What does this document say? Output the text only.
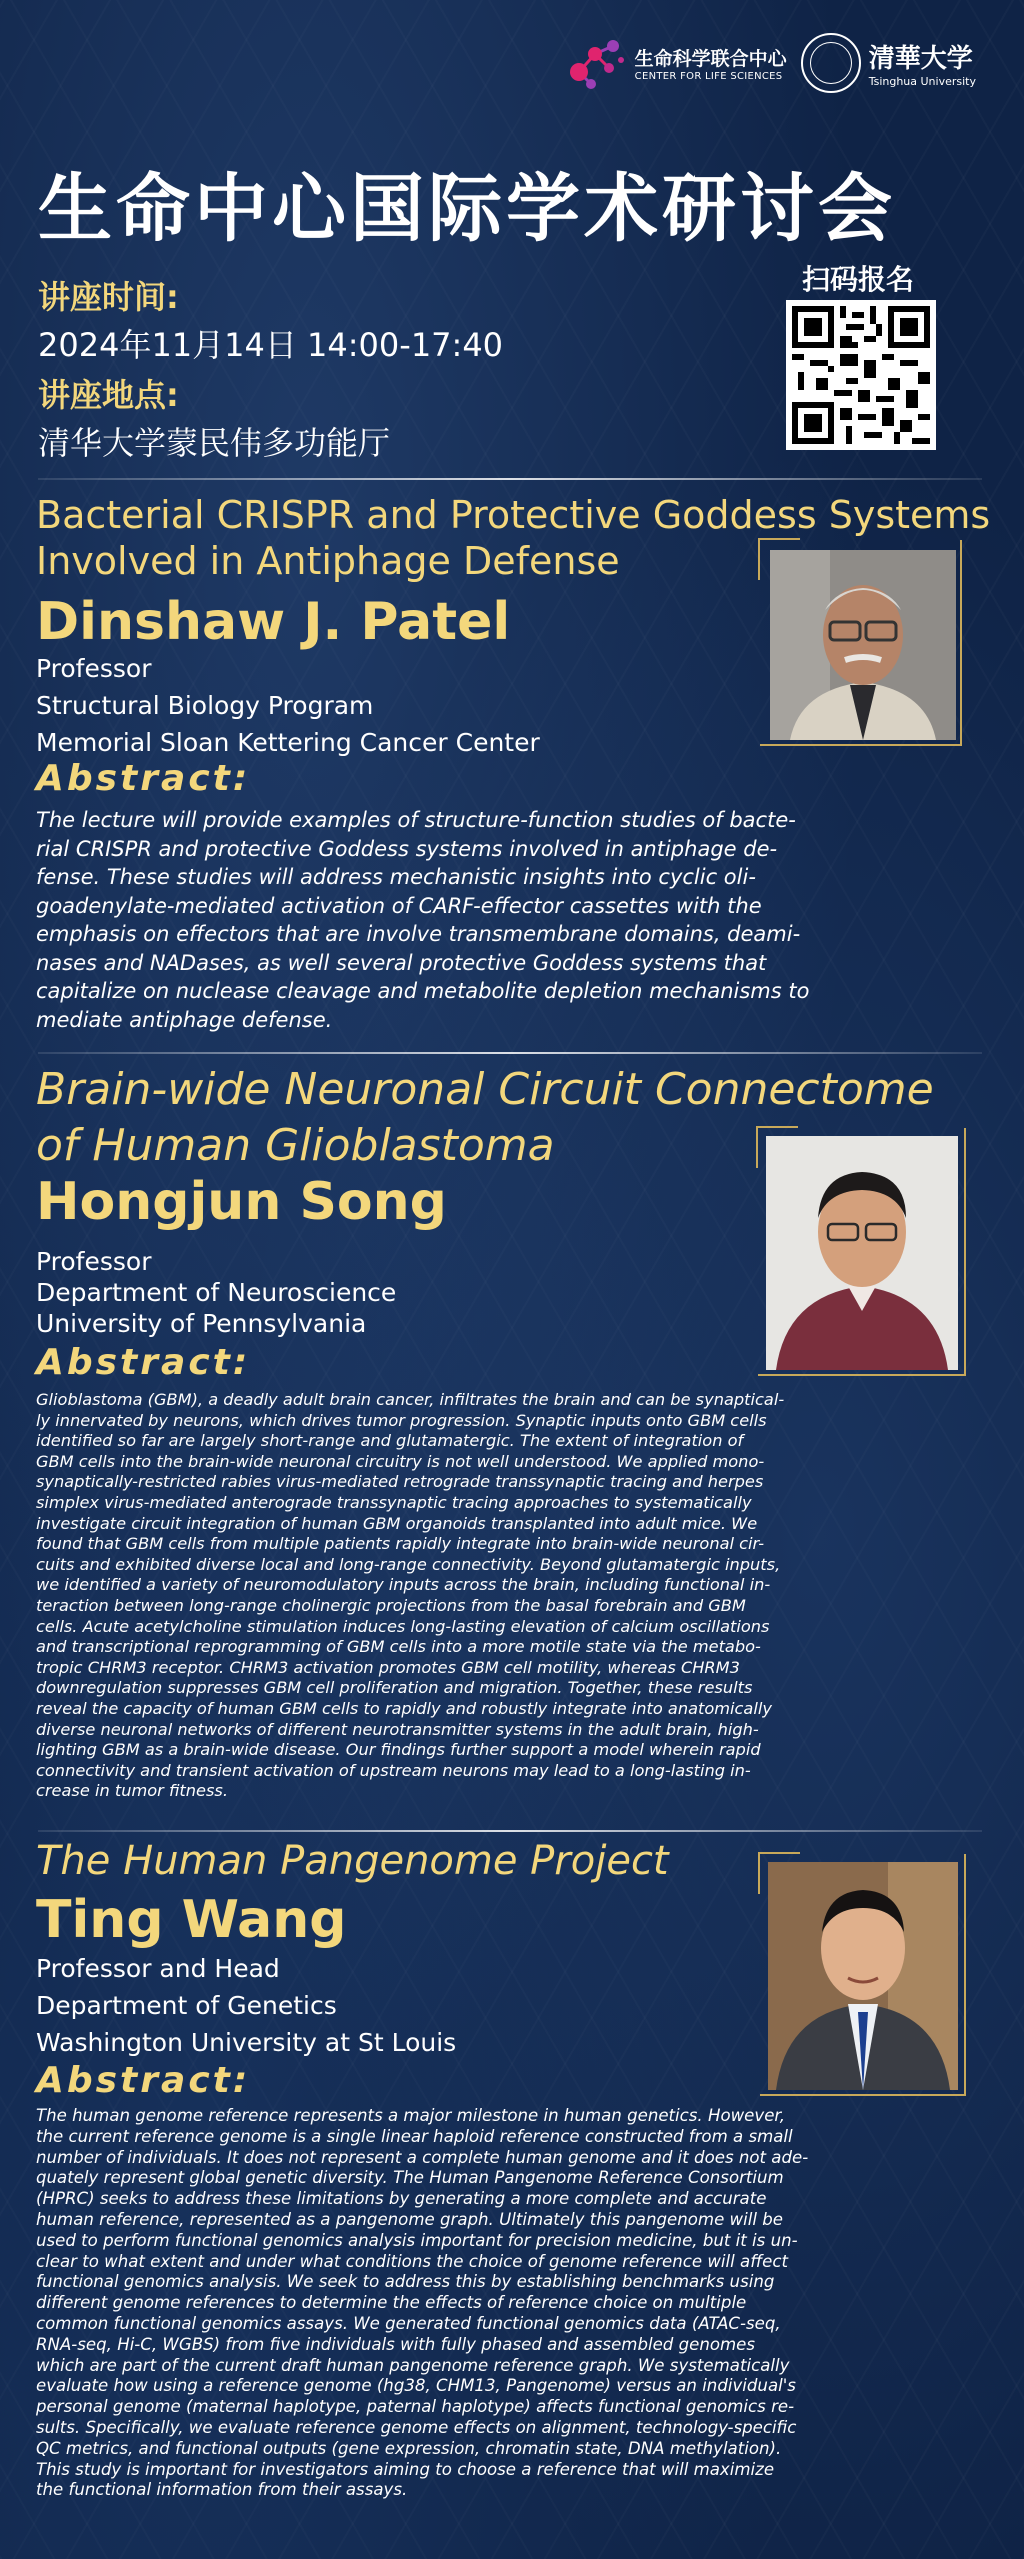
生命科学联合中心
CENTER FOR LIFE SCIENCES
清華大学
Tsinghua University
生命中心国际学术研讨会
讲座时间:
2024年11月14日 14:00-17:40
讲座地点:
清华大学蒙民伟多功能厅
扫码报名
Bacterial CRISPR and Protective Goddess Systems
Involved in Antiphage Defense
Dinshaw J. Patel
Professor
Structural Biology Program
Memorial Sloan Kettering Cancer Center
Abstract:
The lecture will provide examples of structure-function studies of bacte-
rial CRISPR and protective Goddess systems involved in antiphage de-
fense. These studies will address mechanistic insights into cyclic oli-
goadenylate-mediated activation of CARF-effector cassettes with the
emphasis on effectors that are involve transmembrane domains, deami-
nases and NADases, as well several protective Goddess systems that
capitalize on nuclease cleavage and metabolite depletion mechanisms to
mediate antiphage defense.
Brain-wide Neuronal Circuit Connectome
of Human Glioblastoma
Hongjun Song
Professor
Department of Neuroscience
University of Pennsylvania
Abstract:
Glioblastoma (GBM), a deadly adult brain cancer, infiltrates the brain and can be synaptical-
ly innervated by neurons, which drives tumor progression. Synaptic inputs onto GBM cells
identified so far are largely short-range and glutamatergic. The extent of integration of
GBM cells into the brain-wide neuronal circuitry is not well understood. We applied mono-
synaptically-restricted rabies virus-mediated retrograde transsynaptic tracing and herpes
simplex virus-mediated anterograde transsynaptic tracing approaches to systematically
investigate circuit integration of human GBM organoids transplanted into adult mice. We
found that GBM cells from multiple patients rapidly integrate into brain-wide neuronal cir-
cuits and exhibited diverse local and long-range connectivity. Beyond glutamatergic inputs,
we identified a variety of neuromodulatory inputs across the brain, including functional in-
teraction between long-range cholinergic projections from the basal forebrain and GBM
cells. Acute acetylcholine stimulation induces long-lasting elevation of calcium oscillations
and transcriptional reprogramming of GBM cells into a more motile state via the metabo-
tropic CHRM3 receptor. CHRM3 activation promotes GBM cell motility, whereas CHRM3
downregulation suppresses GBM cell proliferation and migration. Together, these results
reveal the capacity of human GBM cells to rapidly and robustly integrate into anatomically
diverse neuronal networks of different neurotransmitter systems in the adult brain, high-
lighting GBM as a brain-wide disease. Our findings further support a model wherein rapid
connectivity and transient activation of upstream neurons may lead to a long-lasting in-
crease in tumor fitness.
The Human Pangenome Project
Ting Wang
Professor and Head
Department of Genetics
Washington University at St Louis
Abstract:
The human genome reference represents a major milestone in human genetics. However,
the current reference genome is a single linear haploid reference constructed from a small
number of individuals. It does not represent a complete human genome and it does not ade-
quately represent global genetic diversity. The Human Pangenome Reference Consortium
(HPRC) seeks to address these limitations by generating a more complete and accurate
human reference, represented as a pangenome graph. Ultimately this pangenome will be
used to perform functional genomics analysis important for precision medicine, but it is un-
clear to what extent and under what conditions the choice of genome reference will affect
functional genomics analysis. We seek to address this by establishing benchmarks using
different genome references to determine the effects of reference choice on multiple
common functional genomics assays. We generated functional genomics data (ATAC-seq,
RNA-seq, Hi-C, WGBS) from five individuals with fully phased and assembled genomes
which are part of the current draft human pangenome reference graph. We systematically
evaluate how using a reference genome (hg38, CHM13, Pangenome) versus an individual's
personal genome (maternal haplotype, paternal haplotype) affects functional genomics re-
sults. Specifically, we evaluate reference genome effects on alignment, technology-specific
QC metrics, and functional outputs (gene expression, chromatin state, DNA methylation).
This study is important for investigators aiming to choose a reference that will maximize
the functional information from their assays.
